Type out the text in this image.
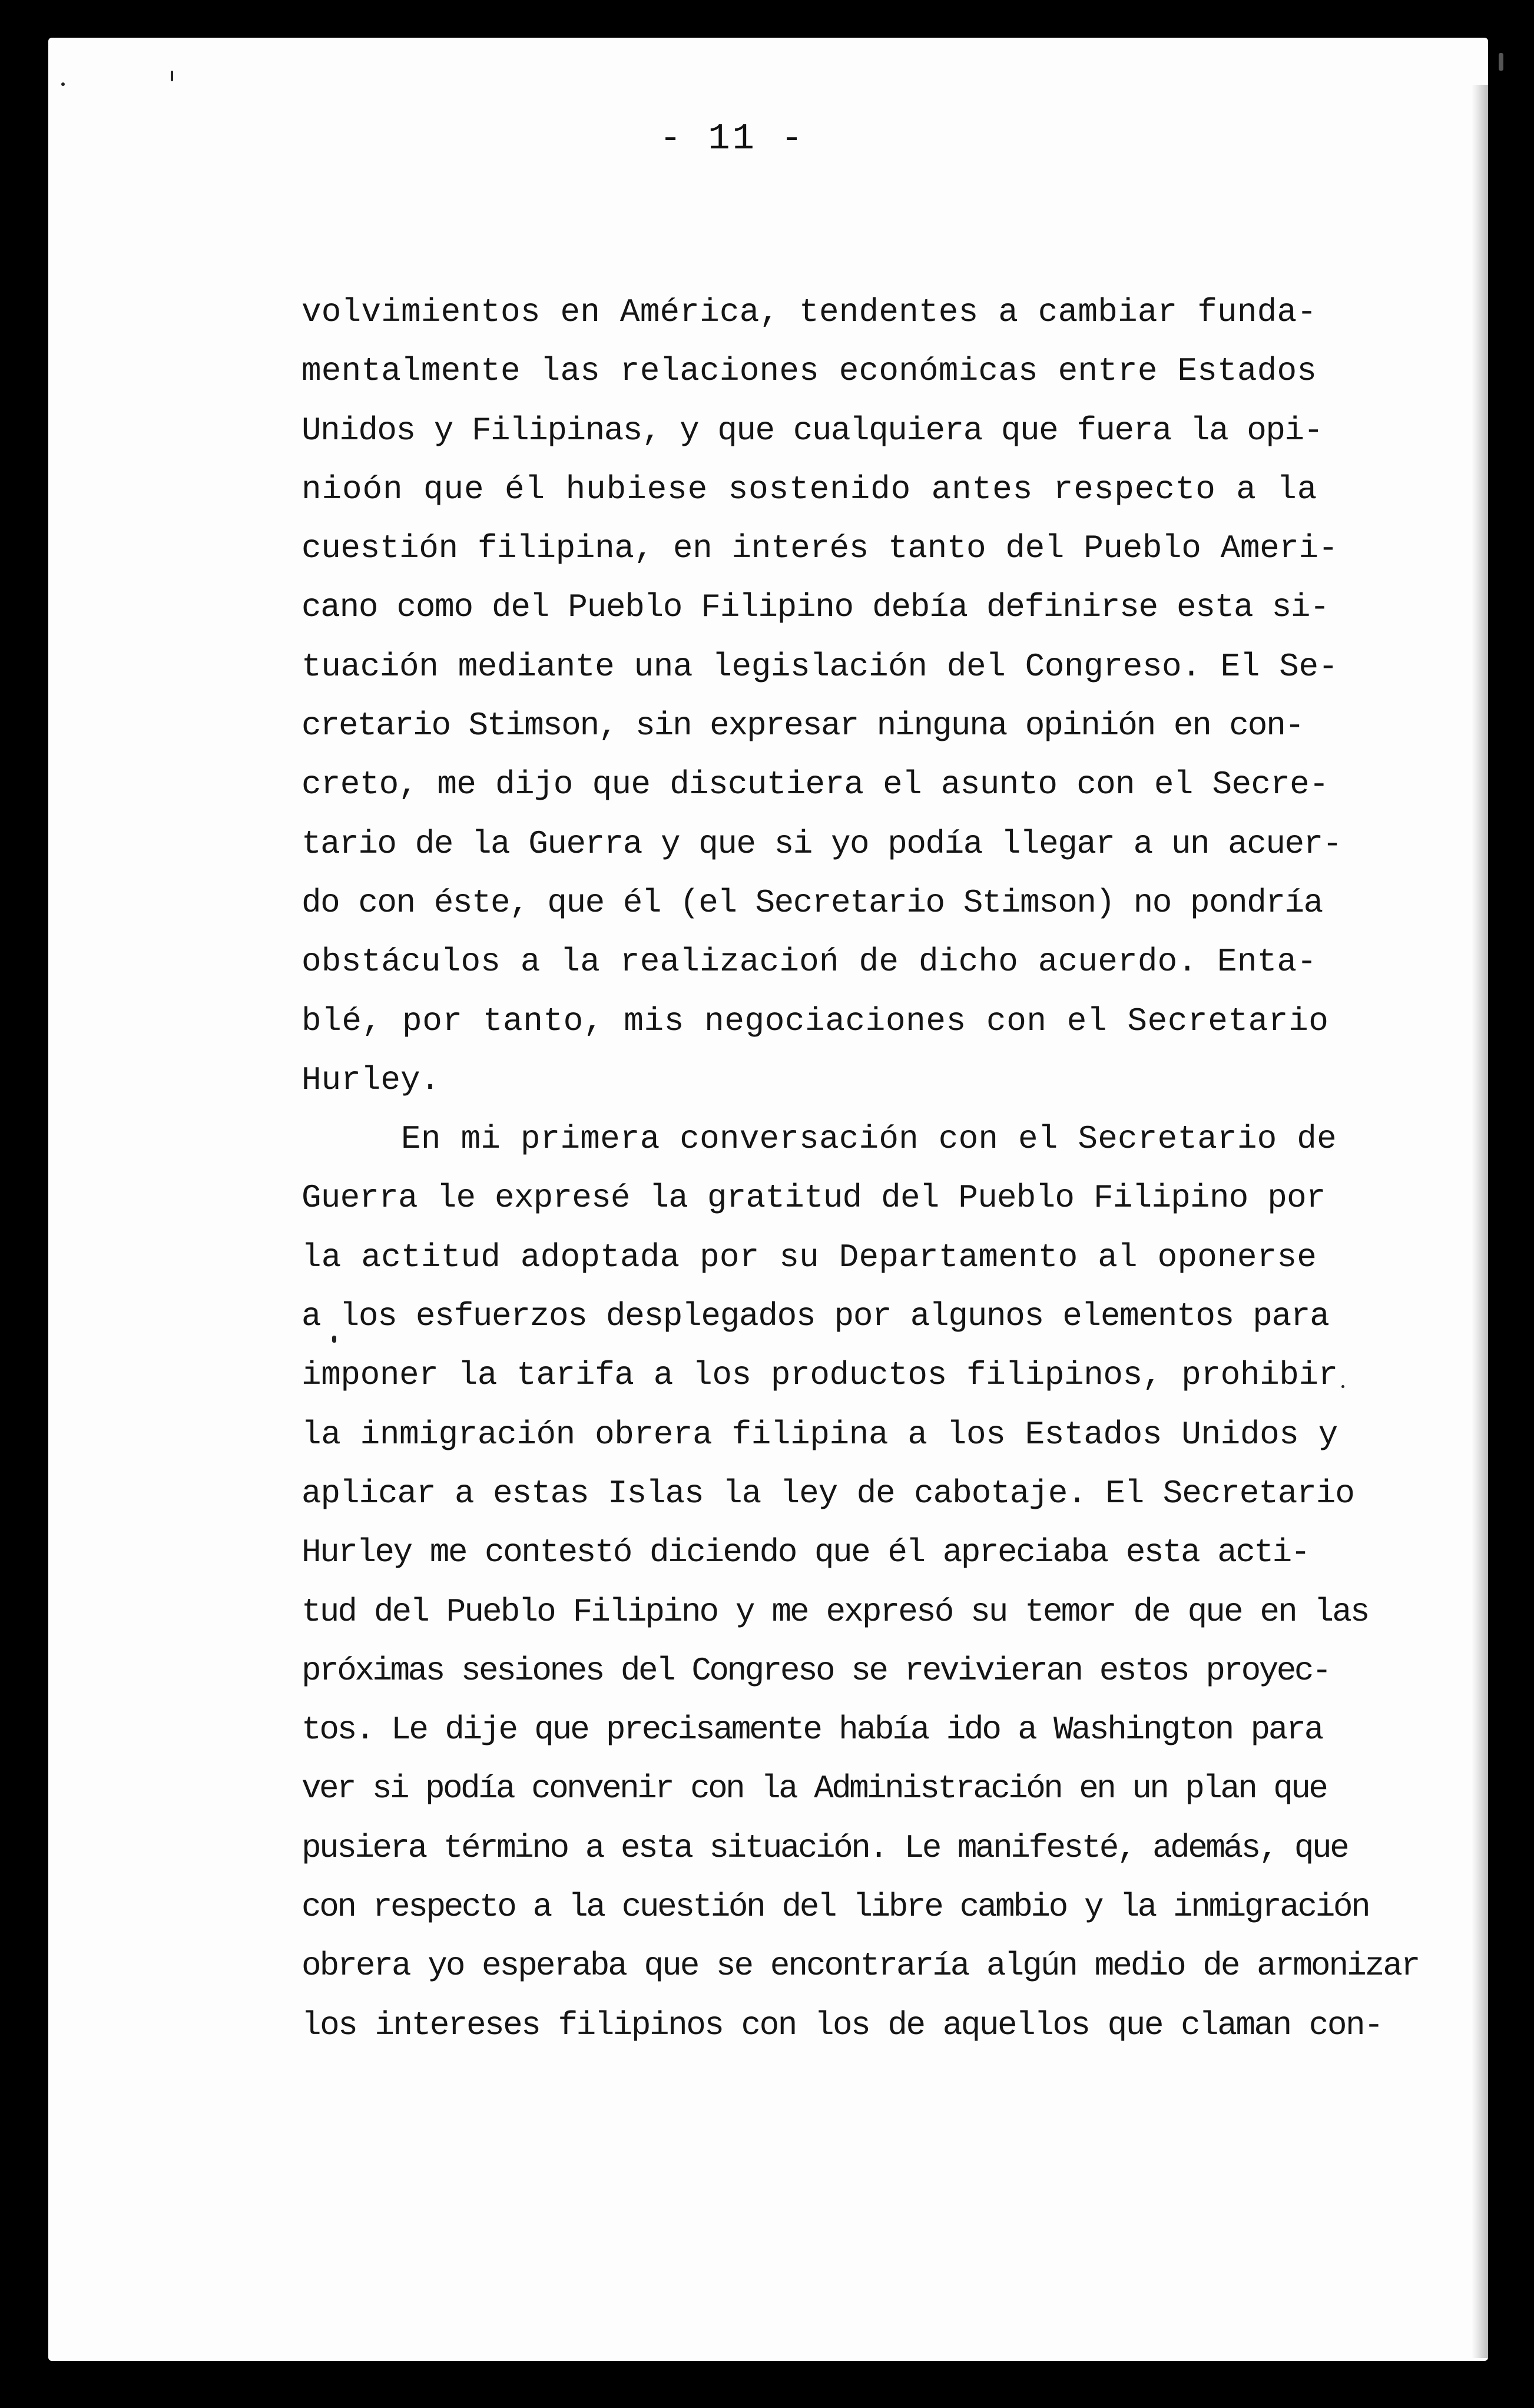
- 11 -
volvimientos en América, tendentes a cambiar funda-
mentalmente las relaciones económicas entre Estados
Unidos y Filipinas, y que cualquiera que fuera la opi-
nioón que él hubiese sostenido antes respecto a la
cuestión filipina, en interés tanto del Pueblo Ameri-
cano como del Pueblo Filipino debía definirse esta si-
tuación mediante una legislación del Congreso. El Se-
cretario Stimson, sin expresar ninguna opinión en con-
creto, me dijo que discutiera el asunto con el Secre-
tario de la Guerra y que si yo podía llegar a un acuer-
do con éste, que él (el Secretario Stimson) no pondría
obstáculos a la realizacioń de dicho acuerdo. Enta-
blé, por tanto, mis negociaciones con el Secretario
Hurley.
En mi primera conversación con el Secretario de
Guerra le expresé la gratitud del Pueblo Filipino por
la actitud adoptada por su Departamento al oponerse
a los esfuerzos desplegados por algunos elementos para
imponer la tarifa a los productos filipinos, prohibir
la inmigración obrera filipina a los Estados Unidos y
aplicar a estas Islas la ley de cabotaje. El Secretario
Hurley me contestó diciendo que él apreciaba esta acti-
tud del Pueblo Filipino y me expresó su temor de que en las
próximas sesiones del Congreso se revivieran estos proyec-
tos. Le dije que precisamente había ido a Washington para
ver si podía convenir con la Administración en un plan que
pusiera término a esta situación. Le manifesté, además, que
con respecto a la cuestión del libre cambio y la inmigración
obrera yo esperaba que se encontraría algún medio de armonizar
los intereses filipinos con los de aquellos que claman con-
